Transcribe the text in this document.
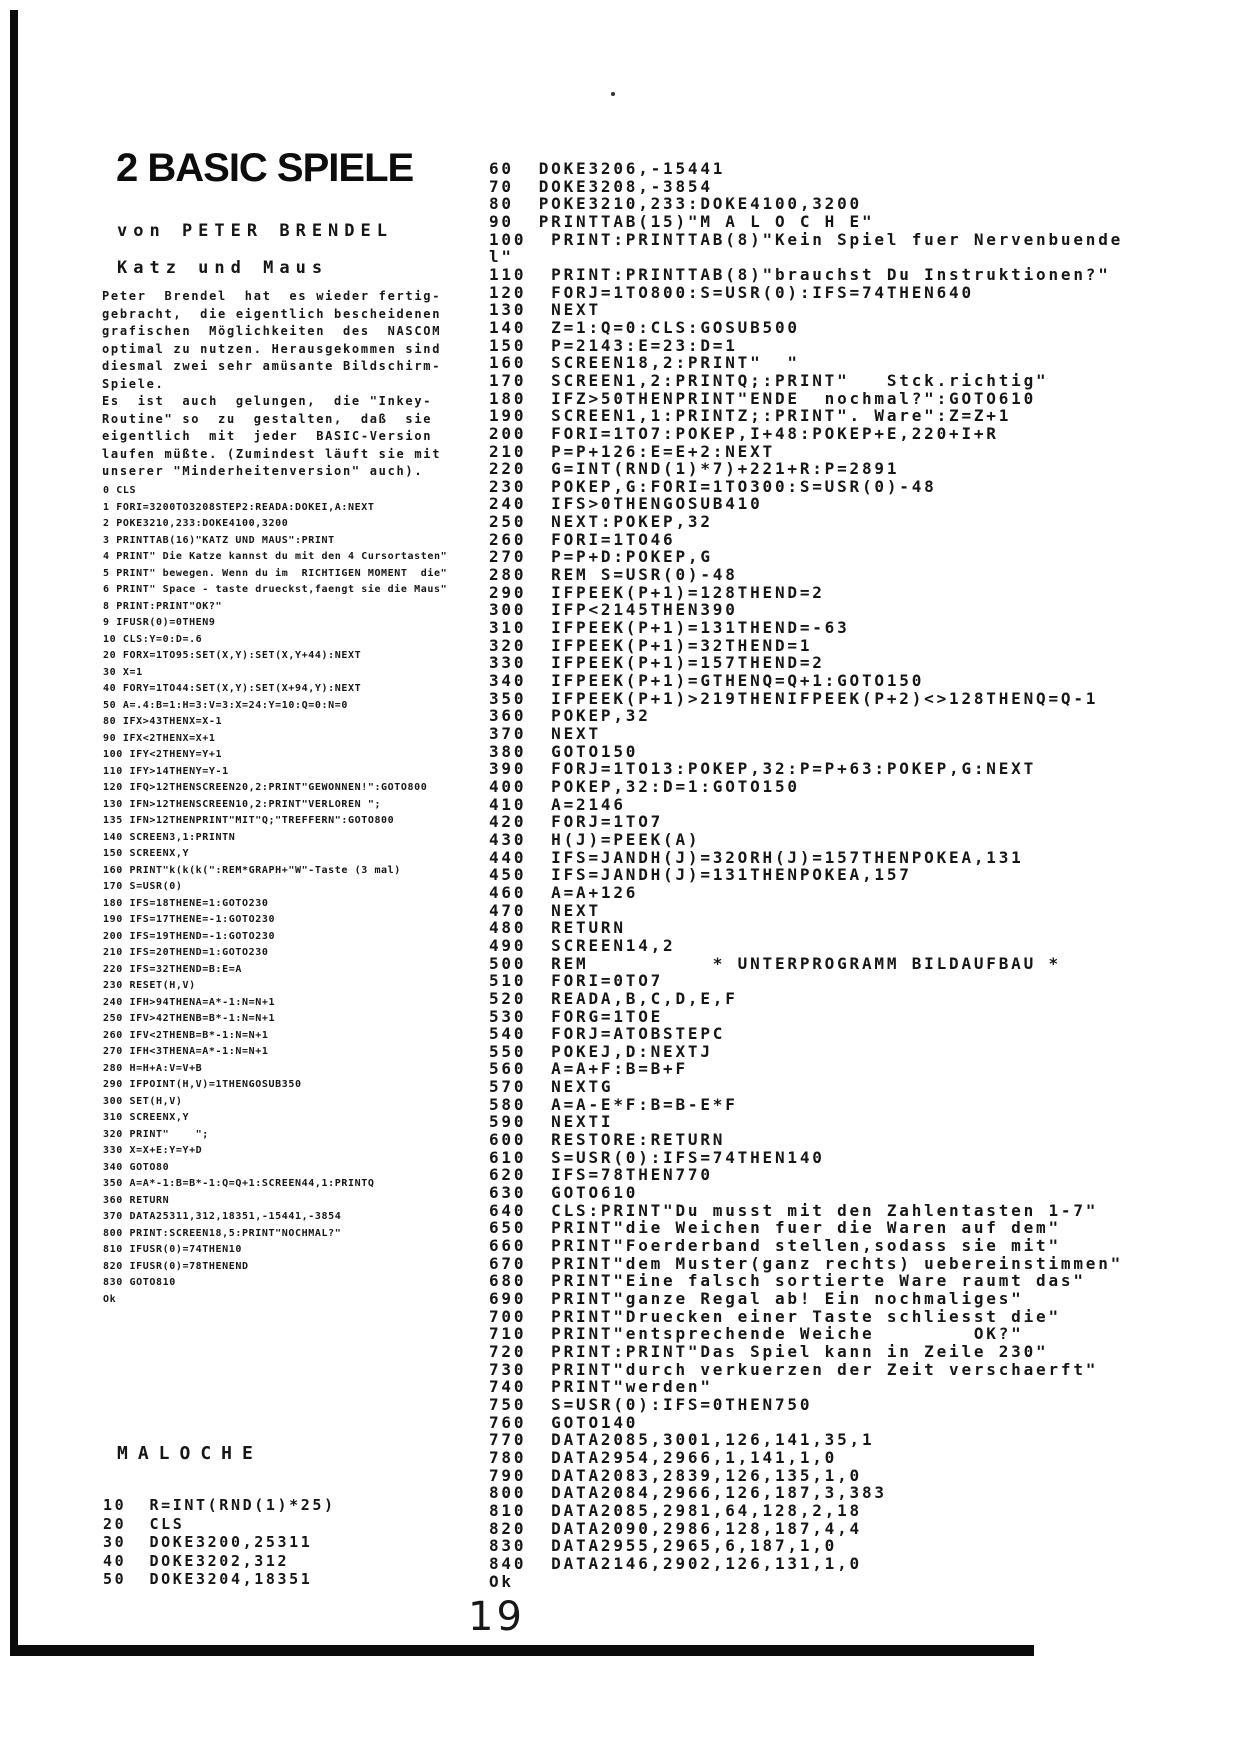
2 BASIC SPIELE
von PETER BRENDEL
Katz und Maus
Peter  Brendel  hat  es wieder fertig-
gebracht,  die eigentlich bescheidenen
grafischen  Möglichkeiten  des  NASCOM
optimal zu nutzen. Herausgekommen sind
diesmal zwei sehr amüsante Bildschirm-
Spiele.
Es  ist  auch  gelungen,  die "Inkey-
Routine" so  zu  gestalten,  daß  sie
eigentlich  mit  jeder  BASIC-Version
laufen müßte. (Zumindest läuft sie mit
unserer "Minderheitenversion" auch).
0 CLS
1 FORI=3200TO3208STEP2:READA:DOKEI,A:NEXT
2 POKE3210,233:DOKE4100,3200
3 PRINTTAB(16)"KATZ UND MAUS":PRINT
4 PRINT" Die Katze kannst du mit den 4 Cursortasten"
5 PRINT" bewegen. Wenn du im  RICHTIGEN MOMENT  die"
6 PRINT" Space - taste drueckst,faengt sie die Maus"
8 PRINT:PRINT"OK?"
9 IFUSR(0)=0THEN9
10 CLS:Y=0:D=.6
20 FORX=1TO95:SET(X,Y):SET(X,Y+44):NEXT
30 X=1
40 FORY=1TO44:SET(X,Y):SET(X+94,Y):NEXT
50 A=.4:B=1:H=3:V=3:X=24:Y=10:Q=0:N=0
80 IFX>43THENX=X-1
90 IFX<2THENX=X+1
100 IFY<2THENY=Y+1
110 IFY>14THENY=Y-1
120 IFQ>12THENSCREEN20,2:PRINT"GEWONNEN!":GOTO800
130 IFN>12THENSCREEN10,2:PRINT"VERLOREN ";
135 IFN>12THENPRINT"MIT"Q;"TREFFERN":GOTO800
140 SCREEN3,1:PRINTN
150 SCREENX,Y
160 PRINT"k(k(k(":REM*GRAPH+"W"-Taste (3 mal)
170 S=USR(0)
180 IFS=18THENE=1:GOTO230
190 IFS=17THENE=-1:GOTO230
200 IFS=19THEND=-1:GOTO230
210 IFS=20THEND=1:GOTO230
220 IFS=32THEND=B:E=A
230 RESET(H,V)
240 IFH>94THENA=A*-1:N=N+1
250 IFV>42THENB=B*-1:N=N+1
260 IFV<2THENB=B*-1:N=N+1
270 IFH<3THENA=A*-1:N=N+1
280 H=H+A:V=V+B
290 IFPOINT(H,V)=1THENGOSUB350
300 SET(H,V)
310 SCREENX,Y
320 PRINT"    ";
330 X=X+E:Y=Y+D
340 GOTO80
350 A=A*-1:B=B*-1:Q=Q+1:SCREEN44,1:PRINTQ
360 RETURN
370 DATA25311,312,18351,-15441,-3854
800 PRINT:SCREEN18,5:PRINT"NOCHMAL?"
810 IFUSR(0)=74THEN10
820 IFUSR(0)=78THENEND
830 GOTO810
Ok
MALOCHE
10  R=INT(RND(1)*25)
20  CLS
30  DOKE3200,25311
40  DOKE3202,312
50  DOKE3204,18351
60  DOKE3206,-15441
70  DOKE3208,-3854
80  POKE3210,233:DOKE4100,3200
90  PRINTTAB(15)"M A L O C H E"
100  PRINT:PRINTTAB(8)"Kein Spiel fuer Nervenbuende
l"
110  PRINT:PRINTTAB(8)"brauchst Du Instruktionen?"
120  FORJ=1TO800:S=USR(0):IFS=74THEN640
130  NEXT
140  Z=1:Q=0:CLS:GOSUB500
150  P=2143:E=23:D=1
160  SCREEN18,2:PRINT"  "
170  SCREEN1,2:PRINTQ;:PRINT"   Stck.richtig"
180  IFZ>50THENPRINT"ENDE  nochmal?":GOTO610
190  SCREEN1,1:PRINTZ;:PRINT". Ware":Z=Z+1
200  FORI=1TO7:POKEP,I+48:POKEP+E,220+I+R
210  P=P+126:E=E+2:NEXT
220  G=INT(RND(1)*7)+221+R:P=2891
230  POKEP,G:FORI=1TO300:S=USR(0)-48
240  IFS>0THENGOSUB410
250  NEXT:POKEP,32
260  FORI=1TO46
270  P=P+D:POKEP,G
280  REM S=USR(0)-48
290  IFPEEK(P+1)=128THEND=2
300  IFP<2145THEN390
310  IFPEEK(P+1)=131THEND=-63
320  IFPEEK(P+1)=32THEND=1
330  IFPEEK(P+1)=157THEND=2
340  IFPEEK(P+1)=GTHENQ=Q+1:GOTO150
350  IFPEEK(P+1)>219THENIFPEEK(P+2)<>128THENQ=Q-1
360  POKEP,32
370  NEXT
380  GOTO150
390  FORJ=1TO13:POKEP,32:P=P+63:POKEP,G:NEXT
400  POKEP,32:D=1:GOTO150
410  A=2146
420  FORJ=1TO7
430  H(J)=PEEK(A)
440  IFS=JANDH(J)=32ORH(J)=157THENPOKEA,131
450  IFS=JANDH(J)=131THENPOKEA,157
460  A=A+126
470  NEXT
480  RETURN
490  SCREEN14,2
500  REM          * UNTERPROGRAMM BILDAUFBAU *
510  FORI=0TO7
520  READA,B,C,D,E,F
530  FORG=1TOE
540  FORJ=ATOBSTEPC
550  POKEJ,D:NEXTJ
560  A=A+F:B=B+F
570  NEXTG
580  A=A-E*F:B=B-E*F
590  NEXTI
600  RESTORE:RETURN
610  S=USR(0):IFS=74THEN140
620  IFS=78THEN770
630  GOTO610
640  CLS:PRINT"Du musst mit den Zahlentasten 1-7"
650  PRINT"die Weichen fuer die Waren auf dem"
660  PRINT"Foerderband stellen,sodass sie mit"
670  PRINT"dem Muster(ganz rechts) uebereinstimmen"
680  PRINT"Eine falsch sortierte Ware raumt das"
690  PRINT"ganze Regal ab! Ein nochmaliges"
700  PRINT"Druecken einer Taste schliesst die"
710  PRINT"entsprechende Weiche        OK?"
720  PRINT:PRINT"Das Spiel kann in Zeile 230"
730  PRINT"durch verkuerzen der Zeit verschaerft"
740  PRINT"werden"
750  S=USR(0):IFS=0THEN750
760  GOTO140
770  DATA2085,3001,126,141,35,1
780  DATA2954,2966,1,141,1,0
790  DATA2083,2839,126,135,1,0
800  DATA2084,2966,126,187,3,383
810  DATA2085,2981,64,128,2,18
820  DATA2090,2986,128,187,4,4
830  DATA2955,2965,6,187,1,0
840  DATA2146,2902,126,131,1,0
Ok
19
